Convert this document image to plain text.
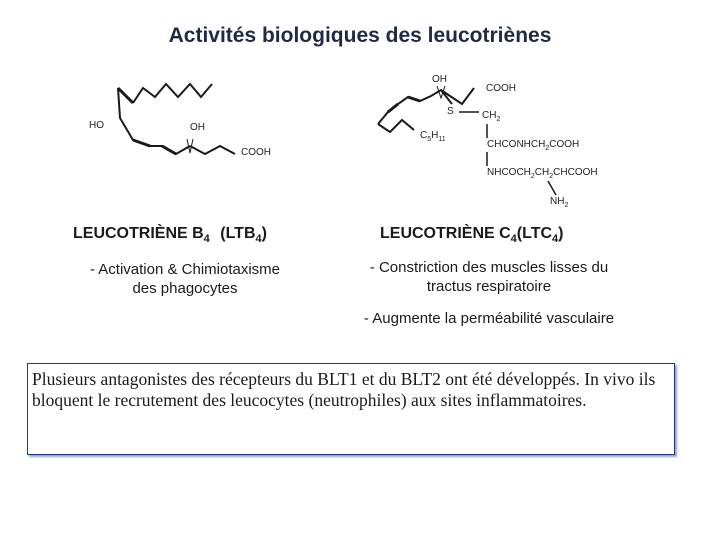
Activités biologiques des leucotriènes
HO	OH
COOH
OH
COOH
S	$CH_2$
$C_5H_{11}$	$CHCONHCH_2COOH$
$NHCOCH_2CH_2CHCOOH$
$NH_2$
LEUCOTRIÈNE $B_4$ $(LTB_4)$	LEUCOTRIÈNE $C_4(LTC_4)$
- Activation & Chimiotaxisme
des phagocytes
- Constriction des muscles lisses du
tractus respiratoire
- Augmente la perméabilité vasculaire
Plusieurs antagonistes des récepteurs du BLT1 et du BLT2 ont été développés. In vivo ils bloquent le recrutement des leucocytes (neutrophiles) aux sites inflammatoires.
